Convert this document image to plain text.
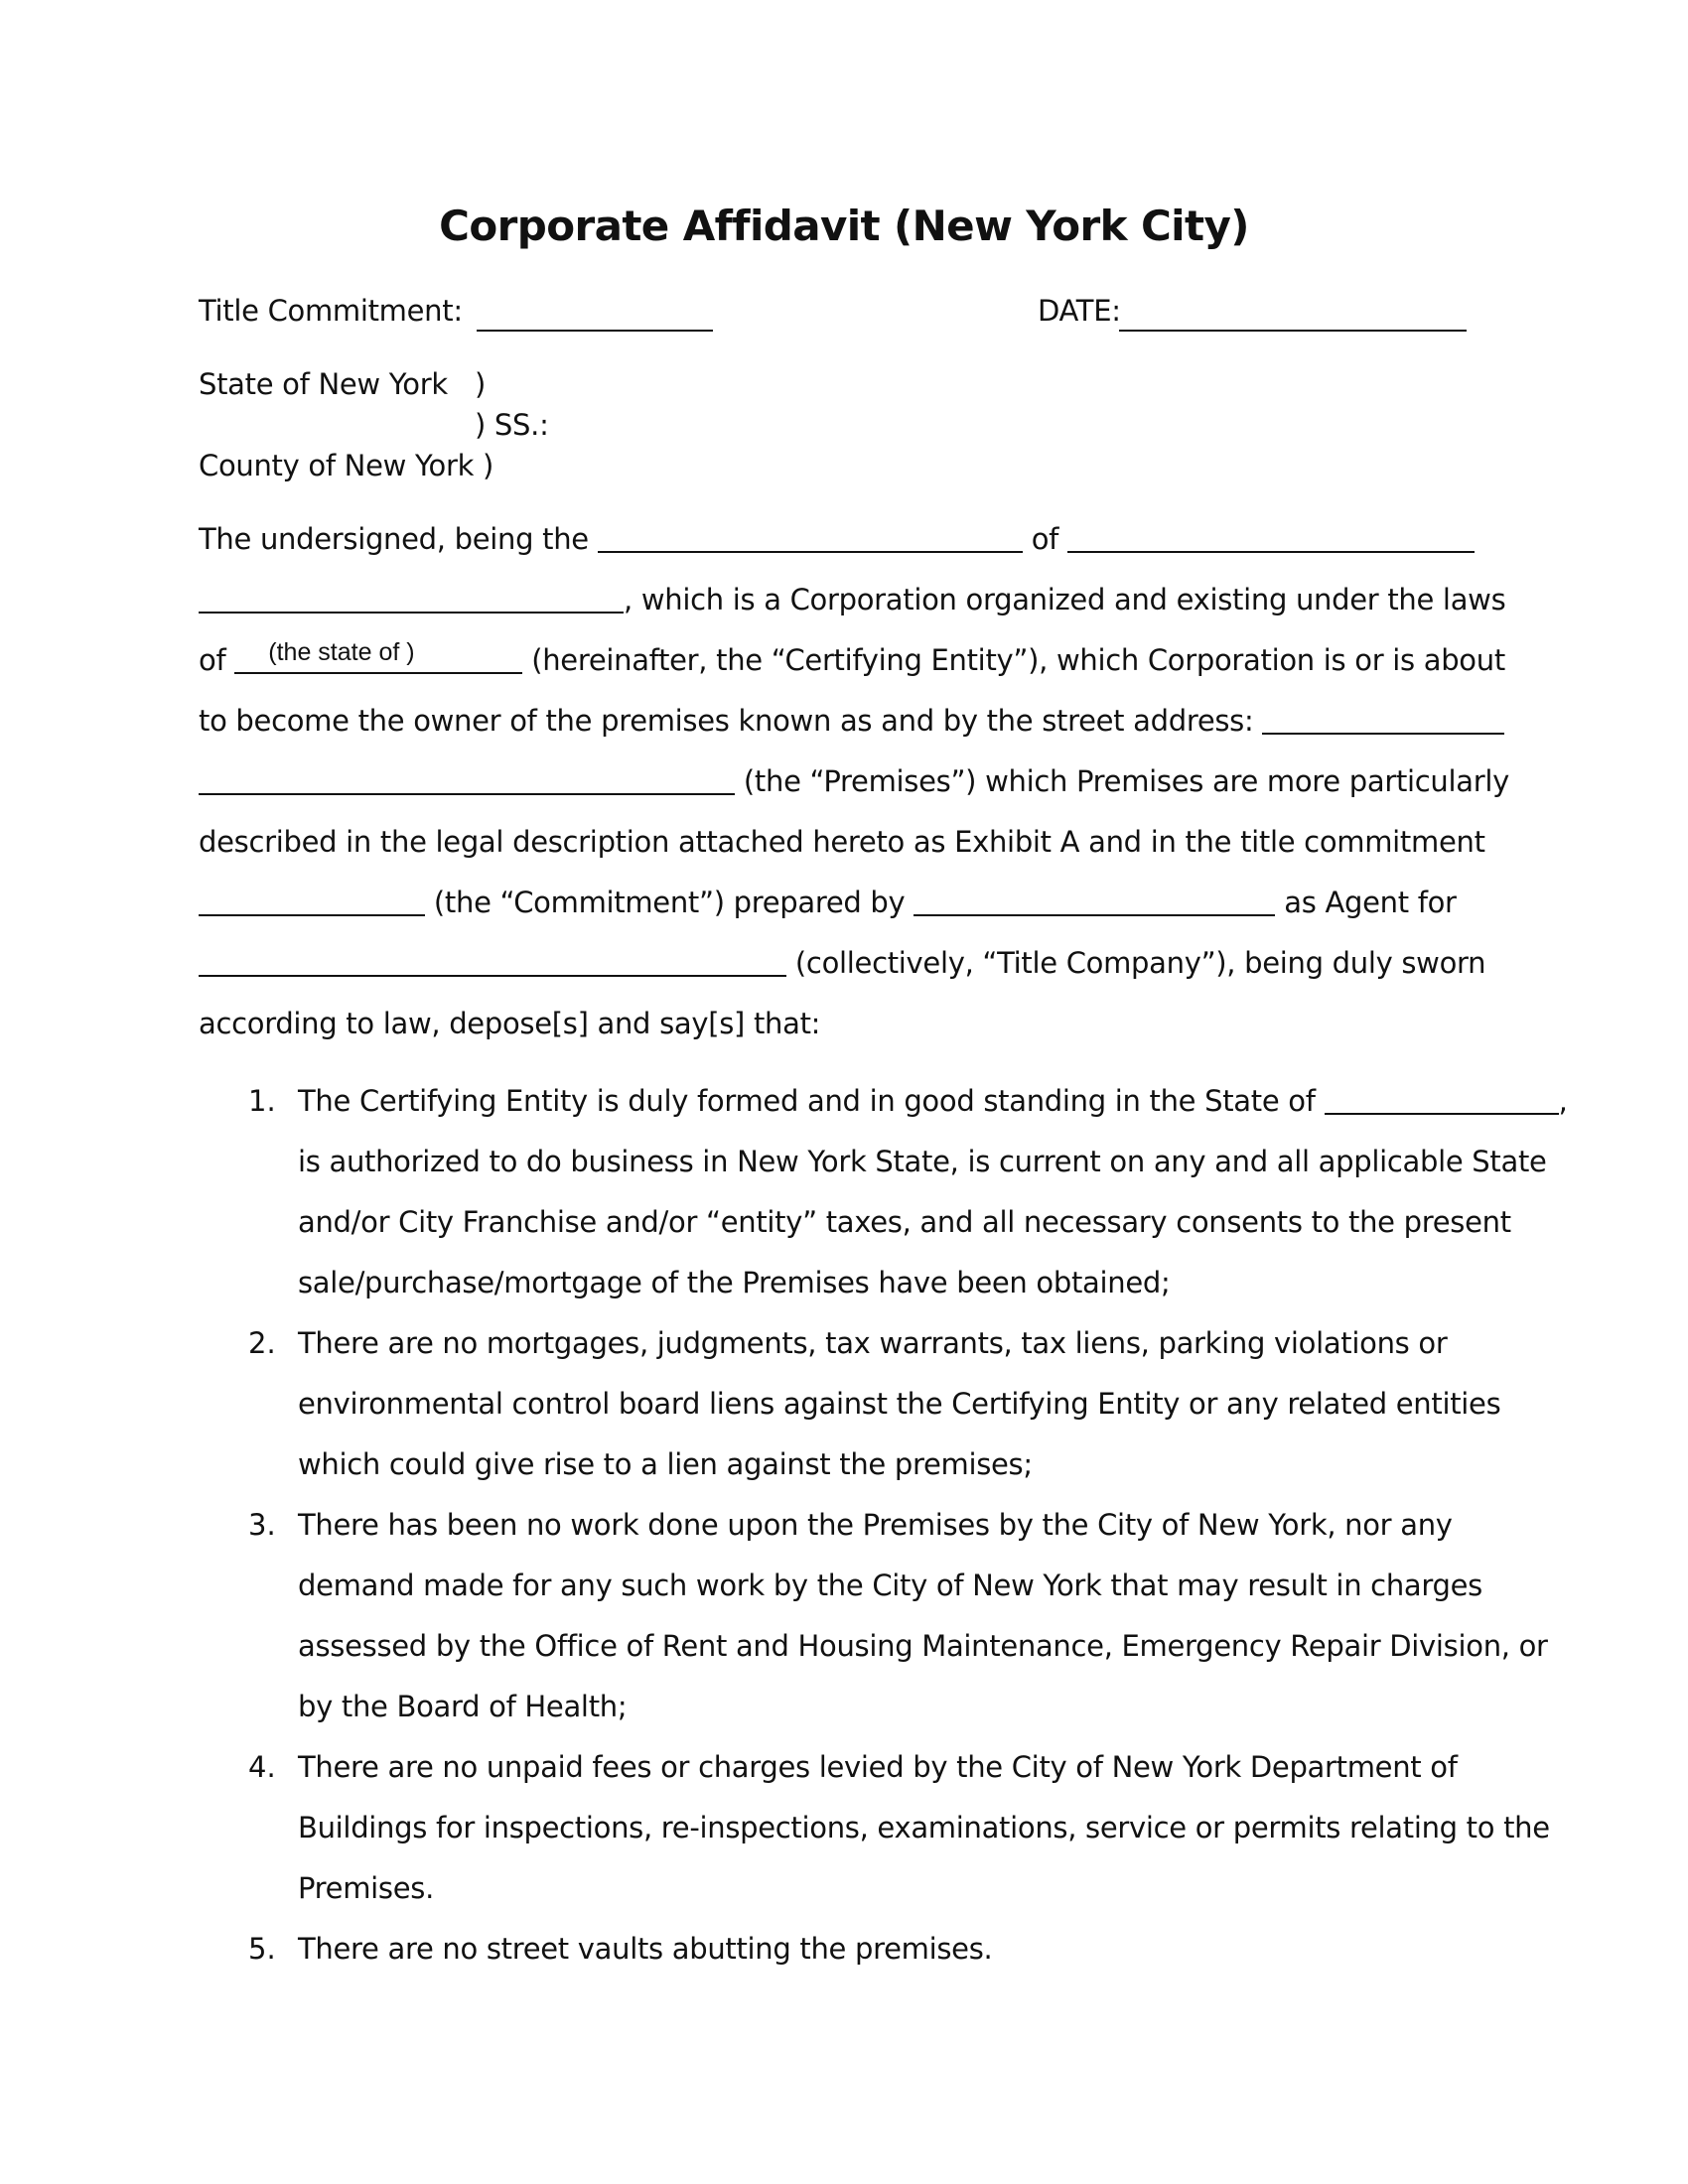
Corporate Affidavit (New York City)
Title Commitment:	DATE:
State of New York )
) SS.:
County of New York )
The undersigned, being the	of
, which is a Corporation organized and existing under the laws
of (the state of )	(hereinafter, the “Certifying Entity”), which Corporation is or is about
to become the owner of the premises known as and by the street address:
(the “Premises”) which Premises are more particularly
described in the legal description attached hereto as Exhibit A and in the title commitment
(the “Commitment”) prepared by	as Agent for
(collectively, “Title Company”), being duly sworn
according to law, depose[s] and say[s] that:
1. The Certifying Entity is duly formed and in good standing in the State of	,
is authorized to do business in New York State, is current on any and all applicable State
and/or City Franchise and/or “entity” taxes, and all necessary consents to the present
sale/purchase/mortgage of the Premises have been obtained;
2. There are no mortgages, judgments, tax warrants, tax liens, parking violations or
environmental control board liens against the Certifying Entity or any related entities
which could give rise to a lien against the premises;
3. There has been no work done upon the Premises by the City of New York, nor any
demand made for any such work by the City of New York that may result in charges
assessed by the Office of Rent and Housing Maintenance, Emergency Repair Division, or
by the Board of Health;
4. There are no unpaid fees or charges levied by the City of New York Department of
Buildings for inspections, re-inspections, examinations, service or permits relating to the
Premises.
5. There are no street vaults abutting the premises.
